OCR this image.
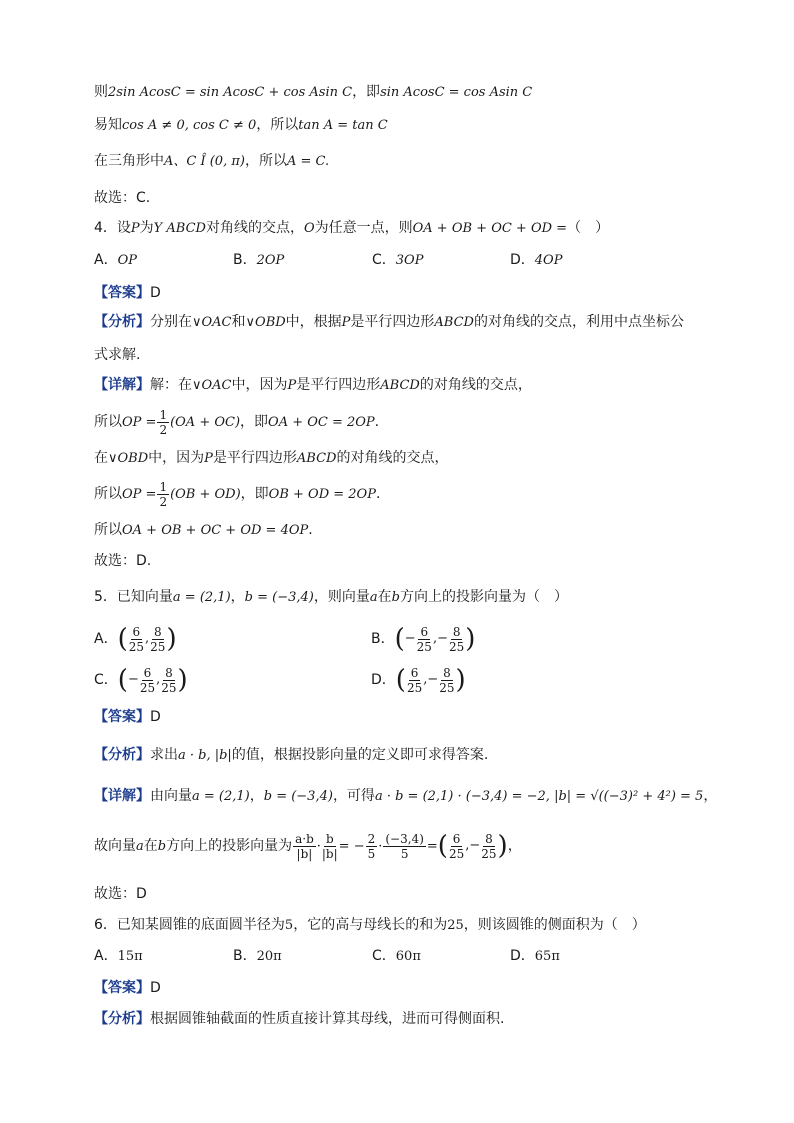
则2sin AcosC = sin AcosC + cos Asin C，即sin AcosC = cos Asin C
易知cos A ≠ 0, cos C ≠ 0，所以tan A = tan C
在三角形中A、C Î (0, π)，所以A = C.
故选：C.
4．设P为Y ABCD对角线的交点，O为任意一点，则OA + OB + OC + OD =（　）
A．OP	B．2OP	C．3OP	D．4OP
【答案】D
【分析】分别在∨OAC和∨OBD中，根据P是平行四边形ABCD的对角线的交点，利用中点坐标公
式求解.
【详解】解：在∨OAC中，因为P是平行四边形ABCD的对角线的交点，
所以OP = $\frac{1}{2} (OA + OC)$，即OA + OC = 2OP.
在∨OBD中，因为P是平行四边形ABCD的对角线的交点，
所以OP = $\frac{1}{2} (OB + OD)$，即OB + OD = 2OP.
所以OA + OB + OC + OD = 4OP.
故选：D.
5．已知向量a = (2,1)，b = (−3,4)，则向量a在b方向上的投影向量为（　）
A． ( $\frac{6}{25}$ , $\frac{8}{25}$ )	B． ( − $\frac{6}{25}$ , − $\frac{8}{25}$ )
C． ( − $\frac{6}{25}$ , $\frac{8}{25}$ )	D． ( $\frac{6}{25}$ , − $\frac{8}{25}$ )
【答案】D
【分析】求出a · b, |b|的值，根据投影向量的定义即可求得答案.
【详解】由向量a = (2,1)，b = (−3,4)，可得a · b = (2,1) · (−3,4) = −2, |b| = √((−3)² + 4²) = 5，
故向量a在b方向上的投影向量为 $\frac{a\cdot b}{|b|} \cdot \frac{b}{|b|}$ = − $\frac{2}{5} \cdot \frac{(-3,4)}{5}$ = ( $\frac{6}{25}$ ,− $\frac{8}{25}$ ) ，
故选：D
6．已知某圆锥的底面圆半径为5，它的高与母线长的和为25，则该圆锥的侧面积为（　）
A．15π	B．20π	C．60π	D．65π
【答案】D
【分析】根据圆锥轴截面的性质直接计算其母线，进而可得侧面积.
